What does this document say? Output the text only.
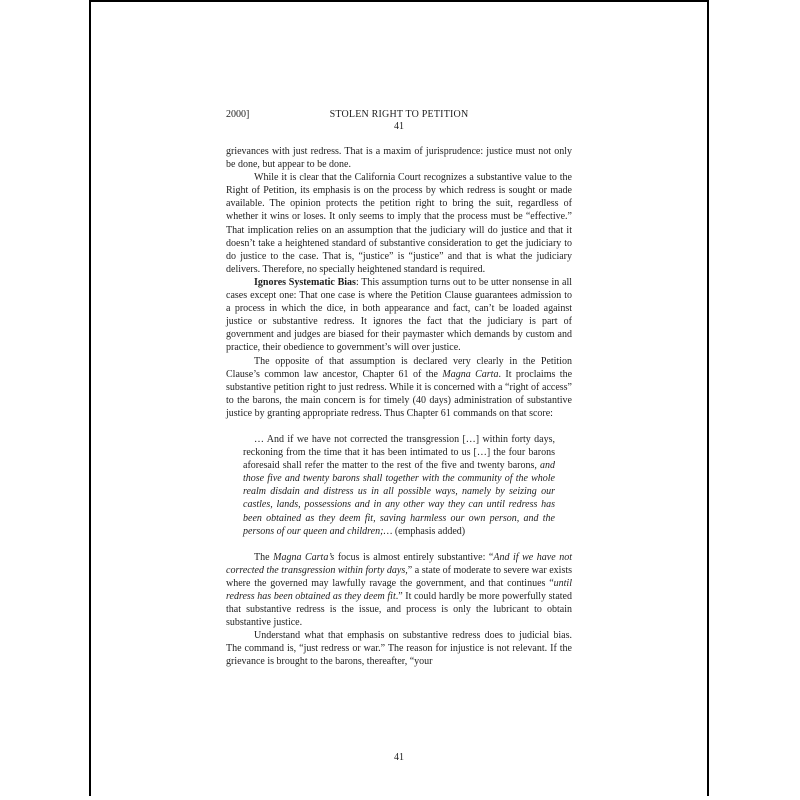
2000]	STOLEN RIGHT TO PETITION
41

grievances with just redress. That is a maxim of jurisprudence: justice must not only be done, but appear to be done.

While it is clear that the California Court recognizes a substantive value to the Right of Petition, its emphasis is on the process by which redress is sought or made available. The opinion protects the petition right to bring the suit, regardless of whether it wins or loses. It only seems to imply that the process must be “effective.” That implication relies on an assumption that the judiciary will do justice and that it doesn’t take a heightened standard of substantive consideration to get the judiciary to do justice to the case. That is, “justice” is “justice” and that is what the judiciary delivers. Therefore, no specially heightened standard is required.

Ignores Systematic Bias: This assumption turns out to be utter nonsense in all cases except one: That one case is where the Petition Clause guarantees admission to a process in which the dice, in both appearance and fact, can’t be loaded against justice or substantive redress. It ignores the fact that the judiciary is part of government and judges are biased for their paymaster which demands by custom and practice, their obedience to government’s will over justice.

The opposite of that assumption is declared very clearly in the Petition Clause’s common law ancestor, Chapter 61 of the Magna Carta. It proclaims the substantive petition right to just redress. While it is concerned with a “right of access” to the barons, the main concern is for timely (40 days) administration of substantive justice by granting appropriate redress. Thus Chapter 61 commands on that score:

… And if we have not corrected the transgression […] within forty days, reckoning from the time that it has been intimated to us […] the four barons aforesaid shall refer the matter to the rest of the five and twenty barons, and those five and twenty barons shall together with the community of the whole realm disdain and distress us in all possible ways, namely by seizing our castles, lands, possessions and in any other way they can until redress has been obtained as they deem fit, saving harmless our own person, and the persons of our queen and children;… (emphasis added)

The Magna Carta’s focus is almost entirely substantive: “And if we have not corrected the transgression within forty days,” a state of moderate to severe war exists where the governed may lawfully ravage the government, and that continues “until redress has been obtained as they deem fit.” It could hardly be more powerfully stated that substantive redress is the issue, and process is only the lubricant to obtain substantive justice.

Understand what that emphasis on substantive redress does to judicial bias. The command is, “just redress or war.” The reason for injustice is not relevant. If the grievance is brought to the barons, thereafter, “your

41
